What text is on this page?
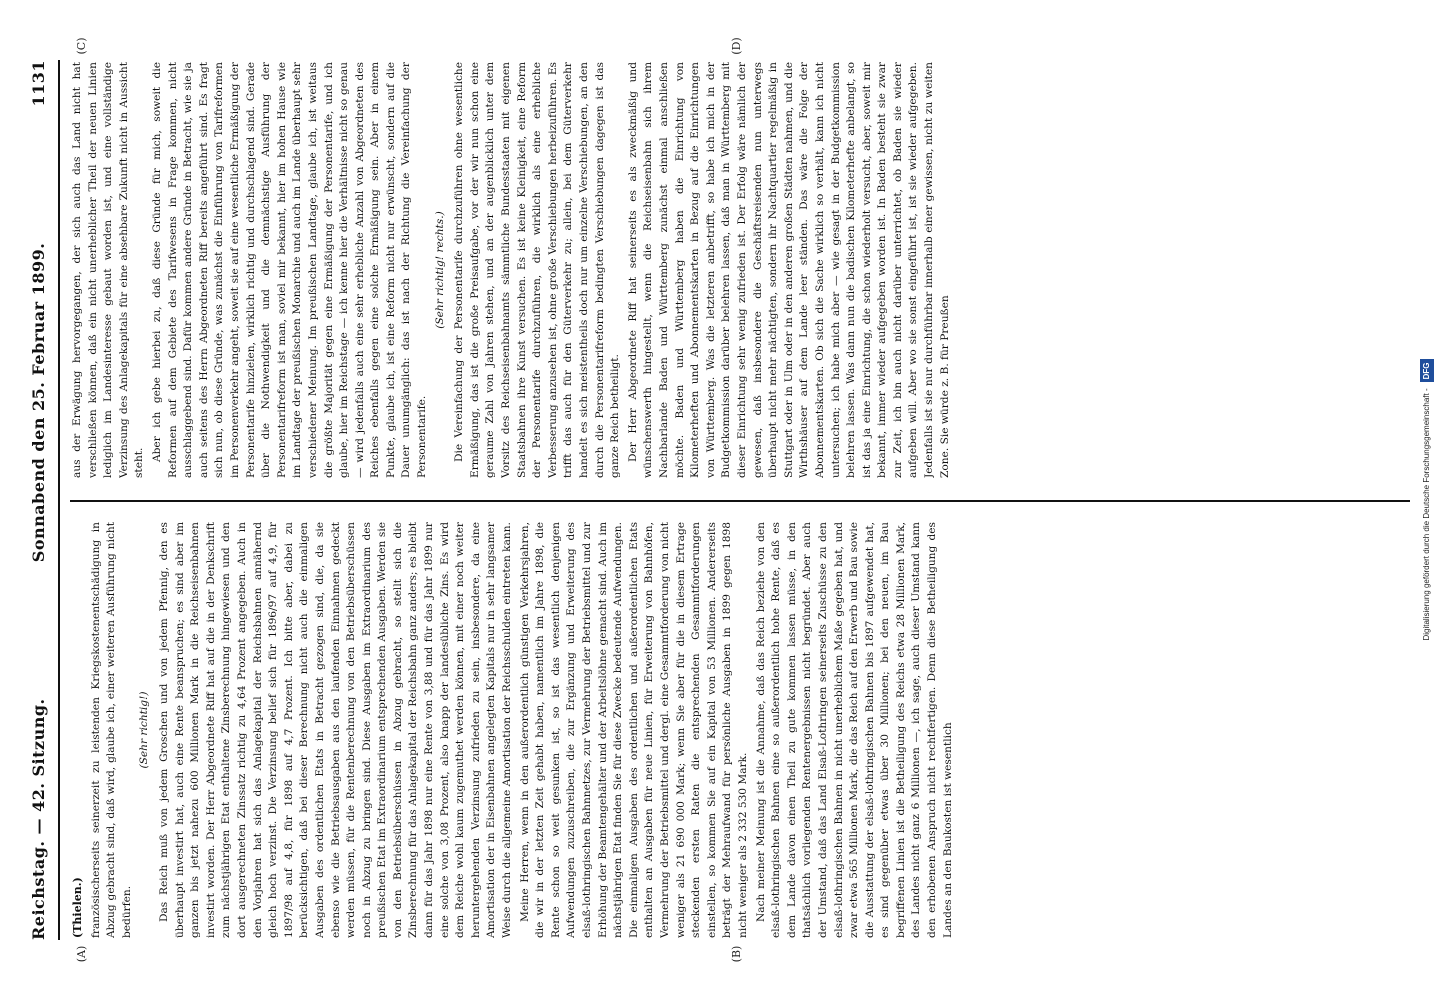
Reichstag. — 42. Sitzung.
Sonnabend den 25. Februar 1899.
1131
(Thielen.) französischerseits seinerzeit zu leistenden Kriegskostenentschädigung in Abzug gebracht sind, daß wird, glaube ich, einer weiteren Ausführung nicht bedürfen.

(Sehr richtig!) Das Reich muß von jedem Groschen und von jedem Pfennig, den es überhaupt investirt hat, auch eine Rente beanspruchen; es sind aber im ganzen bis jetzt nahezu 600 Millionen Mark in die Reichseisenbahnen investirt worden. Der Herr Abgeordnete Riff hat auf die in der Denkschrift zum nächstjährigen Etat enthaltene Zinsberechnung hingewiesen und den dort ausgerechneten Zinssatz richtig zu 4,64 Prozent angegeben. Auch in den Vorjahren hat sich das Anlagekapital der Reichsbahnen annähernd gleich hoch verzinst. Die Verzinsung belief sich für 1896/97 auf 4,9, für 1897/98 auf 4,8, für 1898 auf 4,7 Prozent. Ich bitte aber, dabei zu berücksichtigen, daß bei dieser Berechnung nicht auch die einmaligen Ausgaben des ordentlichen Etats in Betracht gezogen sind, die, da sie ebenso wie die Betriebsausgaben aus den laufenden Einnahmen gedeckt werden müssen, für die Rentenberechnung von den Betriebsüberschüssen noch in Abzug zu bringen sind. Diese Ausgaben im Extraordinarium des preußischen Etat im Extraordinarium entsprechenden Ausgaben. Werden sie von den Betriebsüberschüssen in Abzug gebracht, so stellt sich die Zinsberechnung für das Anlagekapital der Reichsbahn ganz anders; es bleibt dann für das Jahr 1898 nur eine Rente von 3,88 und für das Jahr 1899 nur eine solche von 3,08 Prozent, also knapp der landesübliche Zins. Es wird dem Reiche wohl kaum zugemuthet werden können, mit einer noch weiter heruntergehenden Verzinsung zufrieden zu sein, insbesondere, da eine Amortisation der in Eisenbahnen angelegten Kapitals nur in sehr langsamer Weise durch die allgemeine Amortisation der Reichsschulden eintreten kann. Meine Herren, wenn in den außerordentlich günstigen Verkehrsjahren, die wir in der letzten Zeit gehabt haben, namentlich im Jahre 1898, die Rente schon so weit gesunken ist, so ist das wesentlich denjenigen Aufwendungen zuzuschreiben, die zur Ergänzung und Erweiterung des elsaß-lothringischen Bahnnetzes, zur Vermehrung der Betriebsmittel und zur Erhöhung der Beamtengehälter und der Arbeitslöhne gemacht sind. Auch im nächstjährigen Etat finden Sie für diese Zwecke bedeutende Aufwendungen. Die einmaligen Ausgaben des ordentlichen und außerordentlichen Etats enthalten an Ausgaben für neue Linien, für Erweiterung von Bahnhöfen, Vermehrung der Betriebsmittel und dergl. eine Gesammtforderung von nicht weniger als 21 690 000 Mark; wenn Sie aber für die in diesem Ertrage steckenden ersten Raten die entsprechenden Gesammtforderungen einstellen, so kommen Sie auf ein Kapital von 53 Millionen. Andererseits beträgt der Mehraufwand für persönliche Ausgaben in 1899 gegen 1898 nicht weniger als 2 332 530 Mark. Nach meiner Meinung ist die Annahme, daß das Reich beziehe von den elsaß-lothringischen Bahnen eine so außerordentlich hohe Rente, daß es dem Lande davon einen Theil zu gute kommen lassen müsse, in den thatsächlich vorliegenden Rentenergebnissen nicht begründet. Aber auch der Umstand, daß das Land Elsaß-Lothringen seinerseits Zuschüsse zu den elsaß-lothringischen Bahnen in nicht unerheblichem Maße gegeben hat, und zwar etwa 565 Millionen Mark, die das Reich auf den Erwerb und Bau sowie die Ausstattung der elsaß-lothringischen Bahnen bis 1897 aufgewendet hat, es sind gegenüber etwas über 30 Millionen; bei den neuen, im Bau begriffenen Linien ist die Betheiligung des Reichs etwa 28 Millionen Mark, des Landes nicht ganz 6 Millionen —, ich sage, auch dieser Umstand kann den erhobenen Anspruch nicht rechtfertigen. Denn diese Betheiligung des Landes an den Baukosten ist wesentlich

aus der Erwägung hervorgegangen, der sich auch das Land nicht hat verschließen können, daß ein nicht unerheblicher Theil der neuen Linien lediglich im Landesinteresse gebaut worden ist, und eine vollständige Verzinsung des Anlagekapitals für eine absehbare Zukunft nicht in Aussicht steht.

Aber ich gebe hierbei zu, daß diese Gründe für mich, soweit die Reformen auf dem Gebiete des Tarifwesens in Frage kommen, nicht ausschlaggebend sind. Dafür kommen andere Gründe in Betracht, wie sie ja auch seitens des Herrn Abgeordneten Riff bereits angeführt sind. Es fragt sich nun, ob diese Gründe, was zunächst die Einführung von Tarifreformen im Personenverkehr angeht, soweit sie auf eine wesentliche Ermäßigung der Personentarife hinzielen, wirklich richtig und durchschlagend sind. Gerade über die Nothwendigkeit und die demnächstige Ausführung der Personentarifreform ist man, soviel mir bekannt, hier im hohen Hause wie im Landtage der preußischen Monarchie und auch im Lande überhaupt sehr verschiedener Meinung. Im preußischen Landtage, glaube ich, ist weitaus die größte Majorität gegen eine Ermäßigung der Personentarife, und ich glaube, hier im Reichstage — ich kenne hier die Verhältnisse nicht so genau — wird jedenfalls auch eine sehr erhebliche Anzahl von Abgeordneten des Reiches ebenfalls gegen eine solche Ermäßigung sein. Aber in einem Punkte, glaube ich, ist eine Reform nicht nur erwünscht, sondern auf die Dauer unumgänglich: das ist nach der Richtung die Vereinfachung der Personentarife.

(Sehr richtig! rechts.) Die Vereinfachung der Personentarife durchzuführen ohne wesentliche Ermäßigung, das ist die große Preisaufgabe, vor der wir nun schon eine geraume Zahl von Jahren stehen, und an der augenblicklich unter dem Vorsitz des Reichseisenbahnamts sämmtliche Bundesstaaten mit eigenen Staatsbahnen ihre Kunst versuchen. Es ist keine Kleinigkeit, eine Reform der Personentarife durchzuführen, die wirklich als eine erhebliche Verbesserung anzusehen ist, ohne große Verschiebungen herbeizuführen. Es trifft das auch für den Güterverkehr zu; allein, bei dem Güterverkehr handelt es sich meistentheils doch nur um einzelne Verschiebungen, an den durch die Personentarifreform bedingten Verschiebungen dagegen ist das ganze Reich betheiligt. Der Herr Abgeordnete Riff hat seinerseits es als zweckmäßig und wünschenswerth hingestellt, wenn die Reichseisenbahn sich ihrem Nachbarlande Baden und Württemberg zunächst einmal anschließen möchte. Baden und Württemberg haben die Einrichtung von Kilometerheften und Abonnementskarten in Bezug auf die Einrichtungen von Württemberg. Was die letzteren anbetrifft, so habe ich mich in der Budgetkommission darüber belehren lassen, daß man in Württemberg mit dieser Einrichtung sehr wenig zufrieden ist. Der Erfolg wäre nämlich der gewesen, daß insbesondere die Geschäftsreisenden nun unterwegs überhaupt nicht mehr nächtigten, sondern ihr Nachtquartier regelmäßig in Stuttgart oder in Ulm oder in den anderen großen Städten nahmen, und die Wirthshäuser auf dem Lande leer ständen. Das wäre die Folge der Abonnementskarten. Ob sich die Sache wirklich so verhält, kann ich nicht untersuchen; ich habe mich aber — wie gesagt in der Budgetkommission belehren lassen. Was dann nun die badischen Kilometerhefte anbelangt, so ist das ja eine Einrichtung, die schon wiederholt versucht, aber, soweit mir bekannt, immer wieder aufgegeben worden ist. In Baden besteht sie zwar zur Zeit, ich bin auch nicht darüber unterrichtet, ob Baden sie wieder aufgeben will. Aber wo sie sonst eingeführt ist, ist sie wieder aufgegeben. Jedenfalls ist sie nur durchführbar innerhalb einer gewissen, nicht zu weiten Zone. Sie würde z. B. für Preußen

(A)	(B)
(C)	(D)
Digitalisierung gefördert durch die Deutsche Forschungsgemeinschaft -DFG
